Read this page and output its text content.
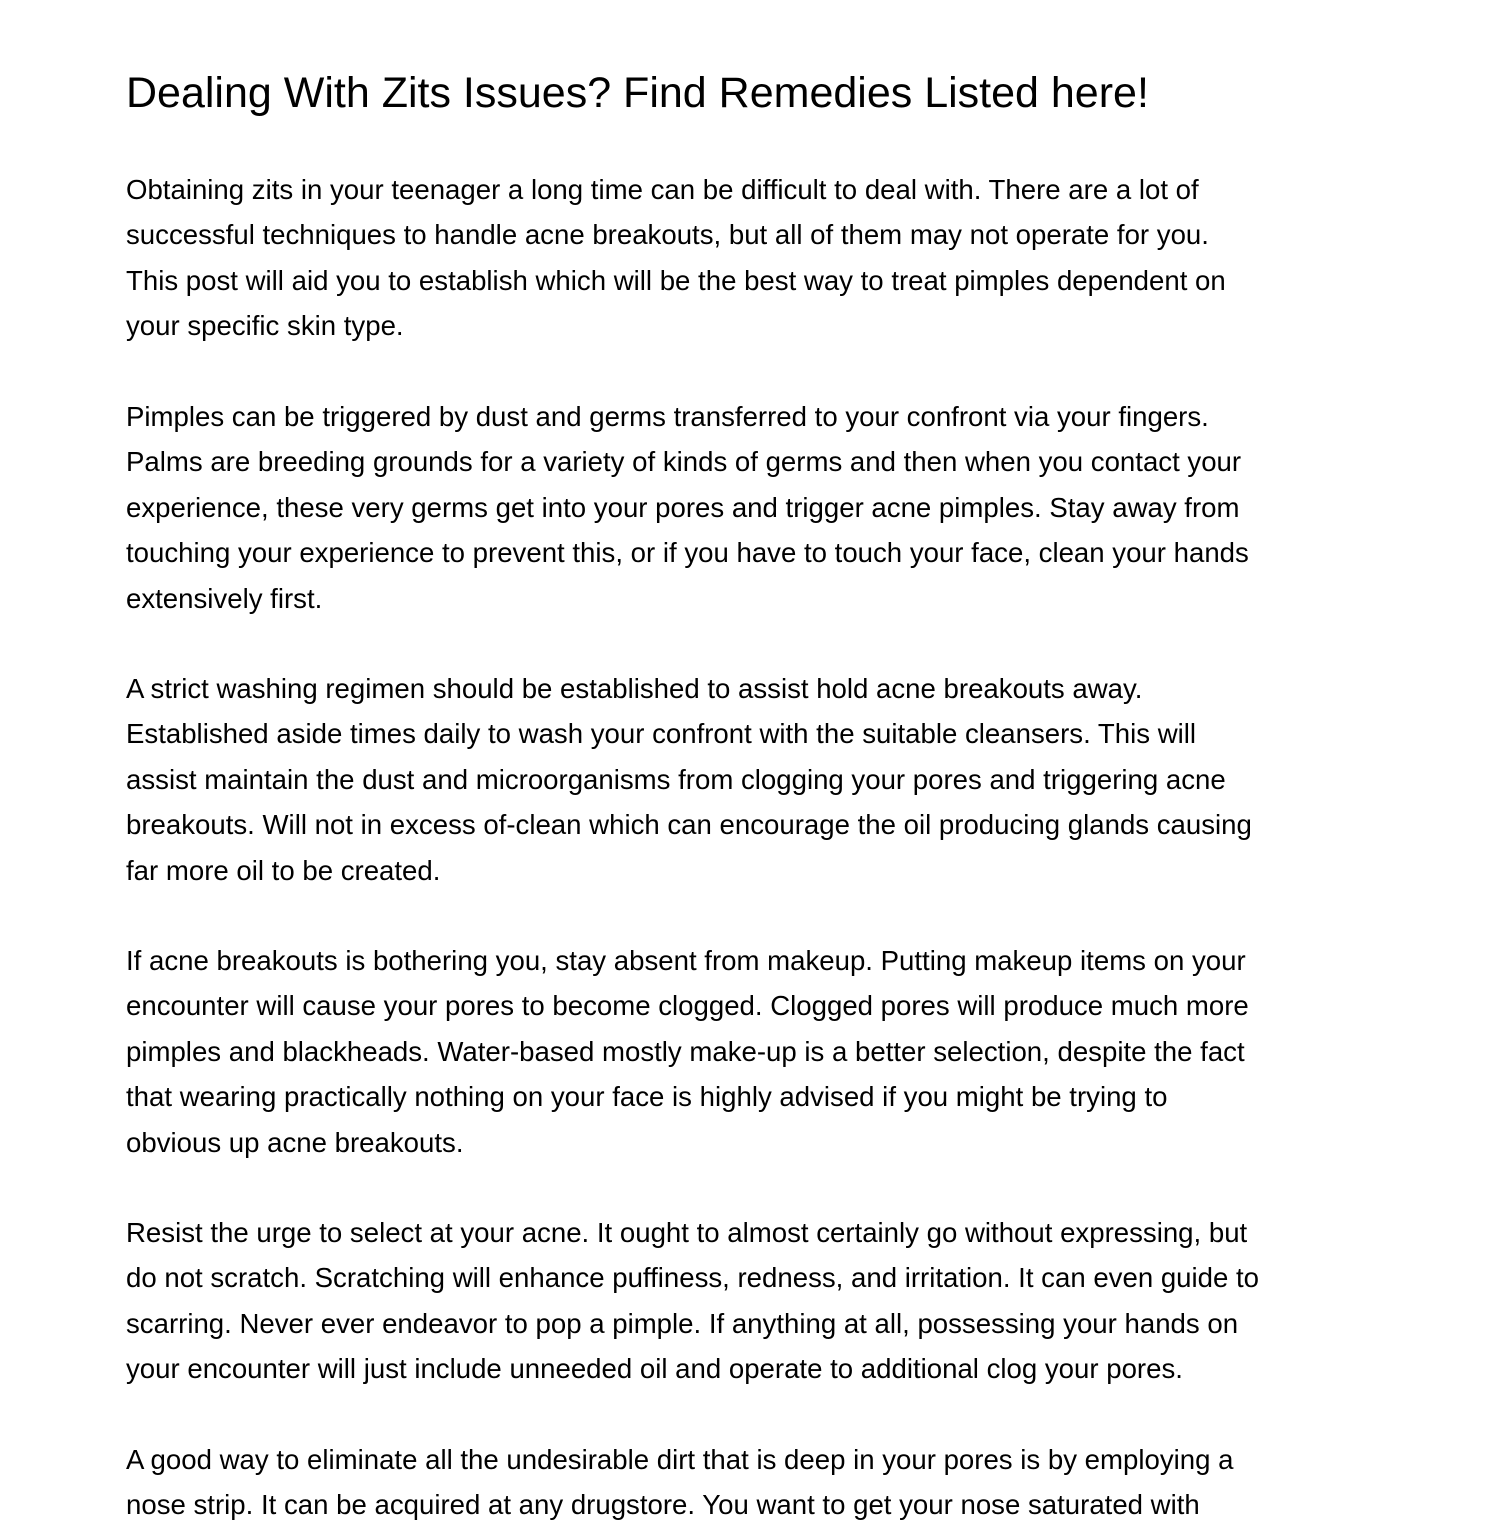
Dealing With Zits Issues? Find Remedies Listed here!

Obtaining zits in your teenager a long time can be difficult to deal with. There are a lot of
successful techniques to handle acne breakouts, but all of them may not operate for you.
This post will aid you to establish which will be the best way to treat pimples dependent on
your specific skin type.

Pimples can be triggered by dust and germs transferred to your confront via your fingers.
Palms are breeding grounds for a variety of kinds of germs and then when you contact your
experience, these very germs get into your pores and trigger acne pimples. Stay away from
touching your experience to prevent this, or if you have to touch your face, clean your hands
extensively first.

A strict washing regimen should be established to assist hold acne breakouts away.
Established aside times daily to wash your confront with the suitable cleansers. This will
assist maintain the dust and microorganisms from clogging your pores and triggering acne
breakouts. Will not in excess of-clean which can encourage the oil producing glands causing
far more oil to be created.

If acne breakouts is bothering you, stay absent from makeup. Putting makeup items on your
encounter will cause your pores to become clogged. Clogged pores will produce much more
pimples and blackheads. Water-based mostly make-up is a better selection, despite the fact
that wearing practically nothing on your face is highly advised if you might be trying to
obvious up acne breakouts.

Resist the urge to select at your acne. It ought to almost certainly go without expressing, but
do not scratch. Scratching will enhance puffiness, redness, and irritation. It can even guide to
scarring. Never ever endeavor to pop a pimple. If anything at all, possessing your hands on
your encounter will just include unneeded oil and operate to additional clog your pores.

A good way to eliminate all the undesirable dirt that is deep in your pores is by employing a
nose strip. It can be acquired at any drugstore. You want to get your nose saturated with
